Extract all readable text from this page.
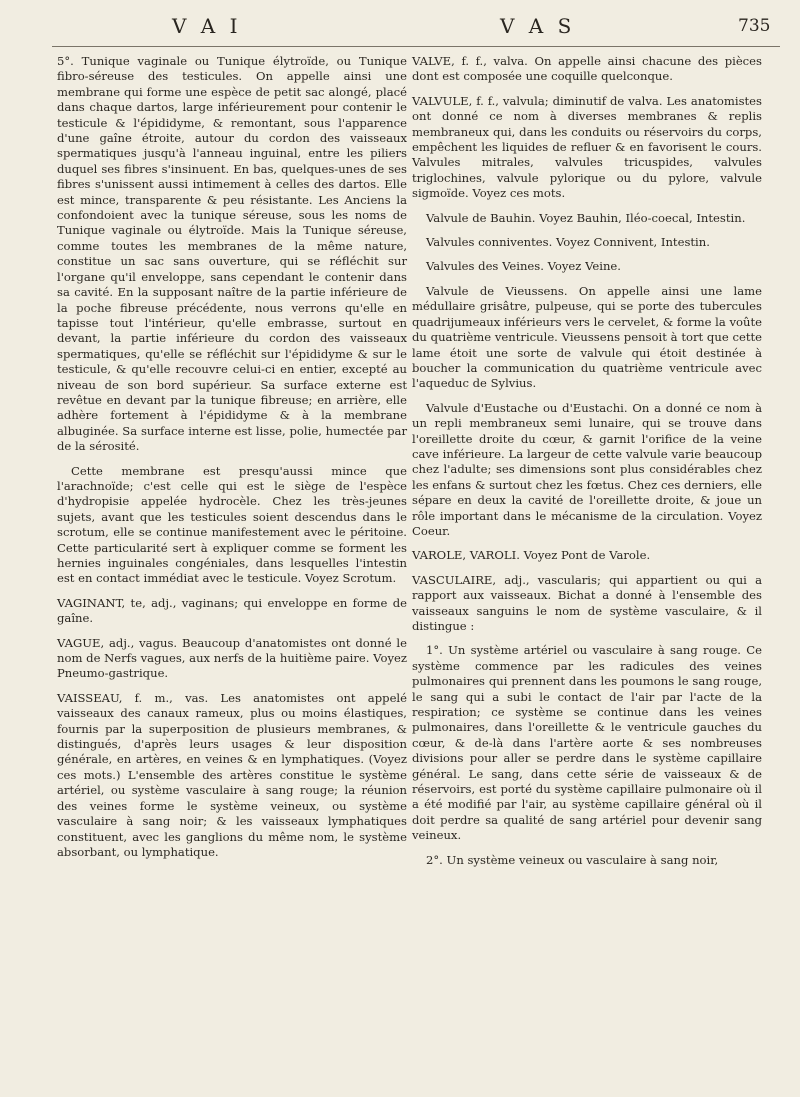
V A I	V A S	735

5°. Tunique vaginale ou Tunique élytroïde, ou Tunique fibro-séreuse des testicules. On appelle ainsi une membrane qui forme une espèce de petit sac alongé, placé dans chaque dartos, large inférieurement pour contenir le testicule & l'épididyme, & remontant, sous l'apparence d'une gaîne étroite, autour du cordon des vaisseaux spermatiques jusqu'à l'anneau inguinal, entre les piliers duquel ses fibres s'insinuent. En bas, quelques-unes de ses fibres s'unissent aussi intimement à celles des dartos. Elle est mince, transparente & peu résistante. Les Anciens la confondoient avec la tunique séreuse, sous les noms de Tunique vaginale ou élytroïde. Mais la Tunique séreuse, comme toutes les membranes de la même nature, constitue un sac sans ouverture, qui se réfléchit sur l'organe qu'il enveloppe, sans cependant le contenir dans sa cavité. En la supposant naître de la partie inférieure de la poche fibreuse précédente, nous verrons qu'elle en tapisse tout l'intérieur, qu'elle embrasse, surtout en devant, la partie inférieure du cordon des vaisseaux spermatiques, qu'elle se réfléchit sur l'épididyme & sur le testicule, & qu'elle recouvre celui-ci en entier, excepté au niveau de son bord supérieur. Sa surface externe est revêtue en devant par la tunique fibreuse; en arrière, elle adhère fortement à l'épididyme & à la membrane albuginée. Sa surface interne est lisse, polie, humectée par de la sérosité.

Cette membrane est presqu'aussi mince que l'arachnoïde; c'est celle qui est le siège de l'espèce d'hydropisie appelée hydrocèle. Chez les très-jeunes sujets, avant que les testicules soient descendus dans le scrotum, elle se continue manifestement avec le péritoine. Cette particularité sert à expliquer comme se forment les hernies inguinales congéniales, dans lesquelles l'intestin est en contact immédiat avec le testicule. Voyez Scrotum.

VAGINANT, te, adj., vaginans; qui enveloppe en forme de gaîne.

VAGUE, adj., vagus. Beaucoup d'anatomistes ont donné le nom de Nerfs vagues, aux nerfs de la huitième paire. Voyez Pneumo-gastrique.

VAISSEAU, f. m., vas. Les anatomistes ont appelé vaisseaux des canaux rameux, plus ou moins élastiques, fournis par la superposition de plusieurs membranes, & distingués, d'après leurs usages & leur disposition générale, en artères, en veines & en lymphatiques. (Voyez ces mots.) L'ensemble des artères constitue le système artériel, ou système vasculaire à sang rouge; la réunion des veines forme le système veineux, ou système vasculaire à sang noir; & les vaisseaux lymphatiques constituent, avec les ganglions du même nom, le système absorbant, ou lymphatique.

VALVE, f. f., valva. On appelle ainsi chacune des pièces dont est composée une coquille quelconque.

VALVULE, f. f., valvula; diminutif de valva. Les anatomistes ont donné ce nom à diverses membranes & replis membraneux qui, dans les conduits ou réservoirs du corps, empêchent les liquides de refluer & en favorisent le cours. Valvules mitrales, valvules tricuspides, valvules triglochines, valvule pylorique ou du pylore, valvule sigmoïde. Voyez ces mots.

Valvule de Bauhin. Voyez Bauhin, Iléo-coecal, Intestin.

Valvules conniventes. Voyez Connivent, Intestin.

Valvules des Veines. Voyez Veine.

Valvule de Vieussens. On appelle ainsi une lame médullaire grisâtre, pulpeuse, qui se porte des tubercules quadrijumeaux inférieurs vers le cervelet, & forme la voûte du quatrième ventricule. Vieussens pensoit à tort que cette lame étoit une sorte de valvule qui étoit destinée à boucher la communication du quatrième ventricule avec l'aqueduc de Sylvius.

Valvule d'Eustache ou d'Eustachi. On a donné ce nom à un repli membraneux semi lunaire, qui se trouve dans l'oreillette droite du cœur, & garnit l'orifice de la veine cave inférieure. La largeur de cette valvule varie beaucoup chez l'adulte; ses dimensions sont plus considérables chez les enfans & surtout chez les fœtus. Chez ces derniers, elle sépare en deux la cavité de l'oreillette droite, & joue un rôle important dans le mécanisme de la circulation. Voyez Coeur.

VAROLE, VAROLI. Voyez Pont de Varole.

VASCULAIRE, adj., vascularis; qui appartient ou qui a rapport aux vaisseaux. Bichat a donné à l'ensemble des vaisseaux sanguins le nom de système vasculaire, & il distingue :

1°. Un système artériel ou vasculaire à sang rouge. Ce système commence par les radicules des veines pulmonaires qui prennent dans les poumons le sang rouge, le sang qui a subi le contact de l'air par l'acte de la respiration; ce système se continue dans les veines pulmonaires, dans l'oreillette & le ventricule gauches du cœur, & de-là dans l'artère aorte & ses nombreuses divisions pour aller se perdre dans le système capillaire général. Le sang, dans cette série de vaisseaux & de réservoirs, est porté du système capillaire pulmonaire où il a été modifié par l'air, au système capillaire général où il doit perdre sa qualité de sang artériel pour devenir sang veineux.

2°. Un système veineux ou vasculaire à sang noir,
